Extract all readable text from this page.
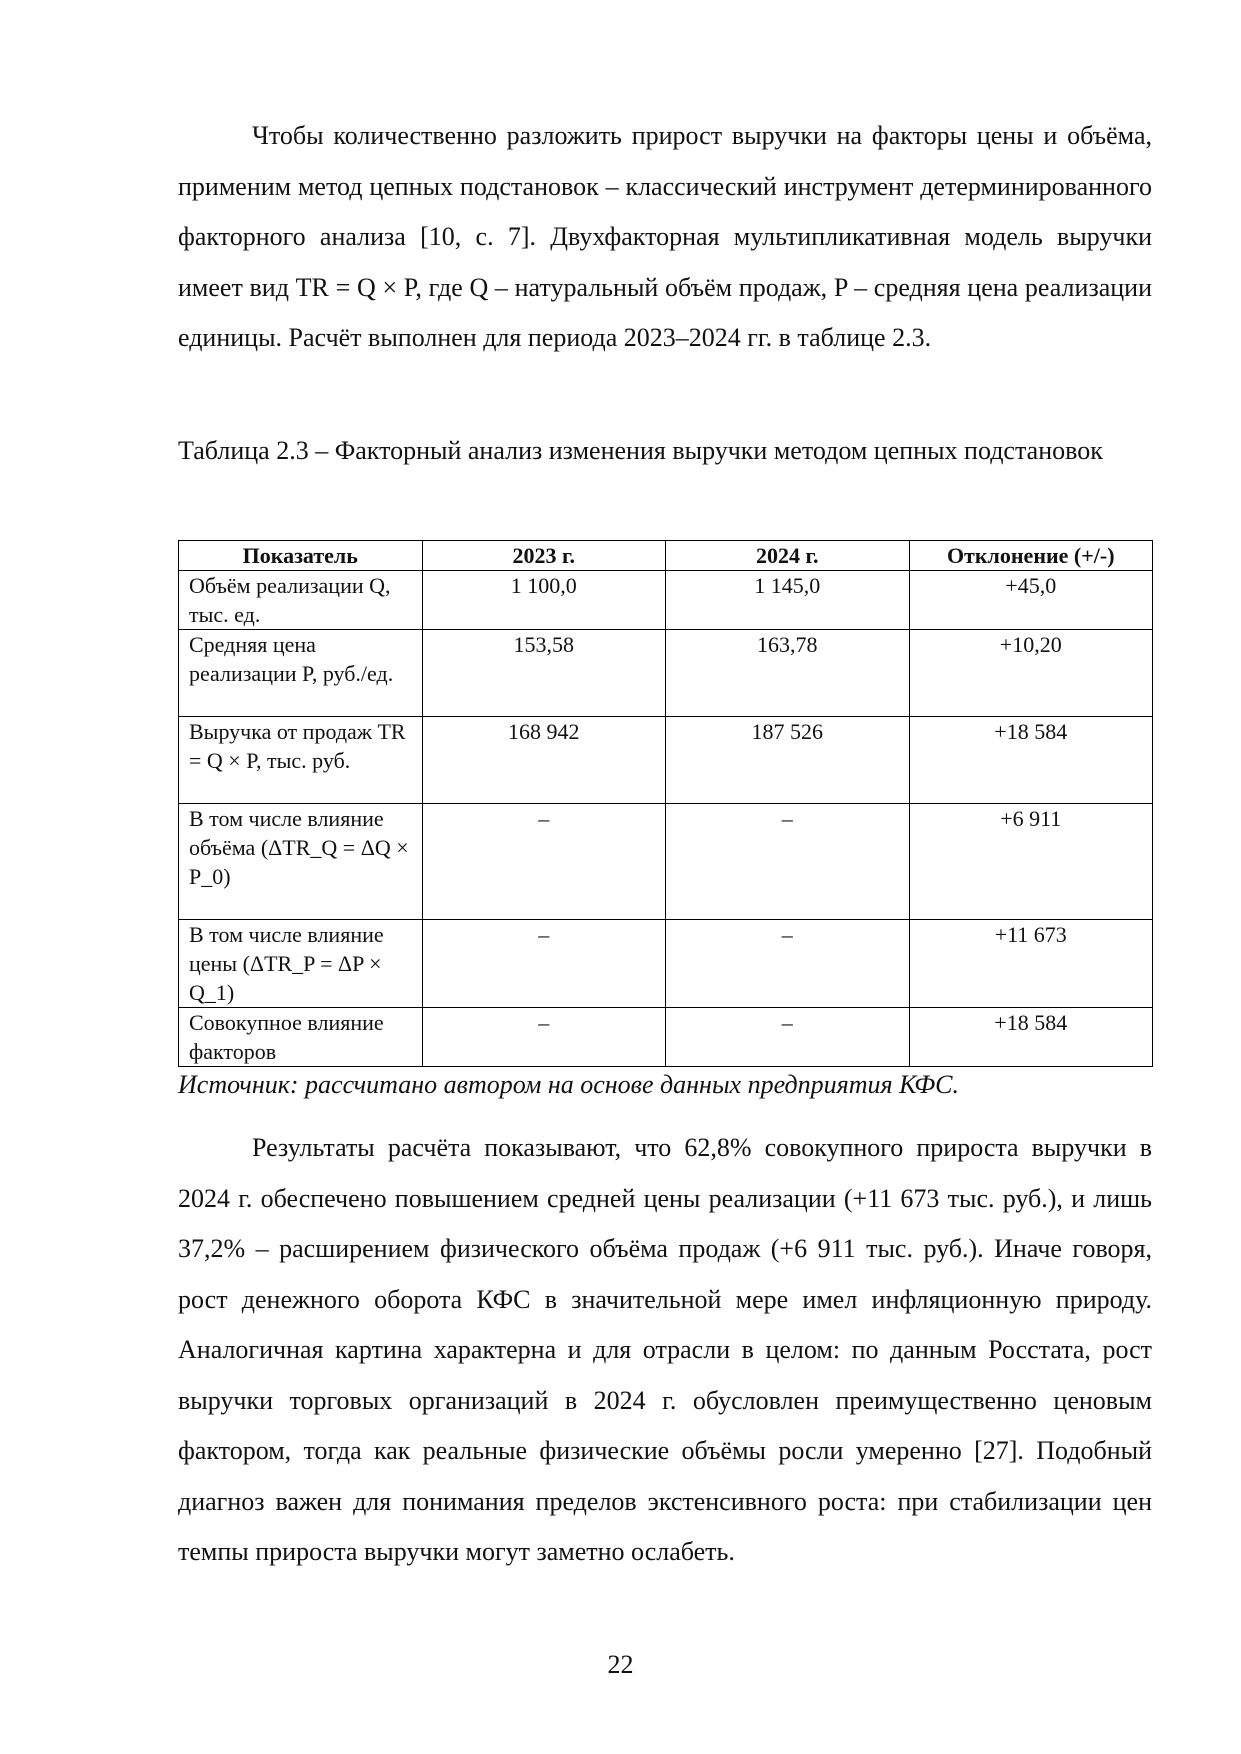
Чтобы количественно разложить прирост выручки на факторы цены и объёма, применим метод цепных подстановок – классический инструмент детерминированного факторного анализа [10, с. 7]. Двухфакторная мультипликативная модель выручки имеет вид TR = Q × P, где Q – натуральный объём продаж, P – средняя цена реализации единицы. Расчёт выполнен для периода 2023–2024 гг. в таблице 2.3.

Таблица 2.3 – Факторный анализ изменения выручки методом цепных подстановок

Показатель	2023 г.	2024 г.	Отклонение (+/-)
Объём реализации Q, тыс. ед.	1 100,0	1 145,0	+45,0
Средняя цена реализации P, руб./ед.	153,58	163,78	+10,20
Выручка от продаж TR = Q × P, тыс. руб.	168 942	187 526	+18 584
В том числе влияние объёма (ΔTR_Q = ΔQ × P_0)	–	–	+6 911
В том числе влияние цены (ΔTR_P = ΔP × Q_1)	–	–	+11 673
Совокупное влияние факторов	–	–	+18 584
Источник: рассчитано автором на основе данных предприятия КФС.

Результаты расчёта показывают, что 62,8% совокупного прироста выручки в 2024 г. обеспечено повышением средней цены реализации (+11 673 тыс. руб.), и лишь 37,2% – расширением физического объёма продаж (+6 911 тыс. руб.). Иначе говоря, рост денежного оборота КФС в значительной мере имел инфляционную природу. Аналогичная картина характерна и для отрасли в целом: по данным Росстата, рост выручки торговых организаций в 2024 г. обусловлен преимущественно ценовым фактором, тогда как реальные физические объёмы росли умеренно [27]. Подобный диагноз важен для понимания пределов экстенсивного роста: при стабилизации цен темпы прироста выручки могут заметно ослабеть.

22
